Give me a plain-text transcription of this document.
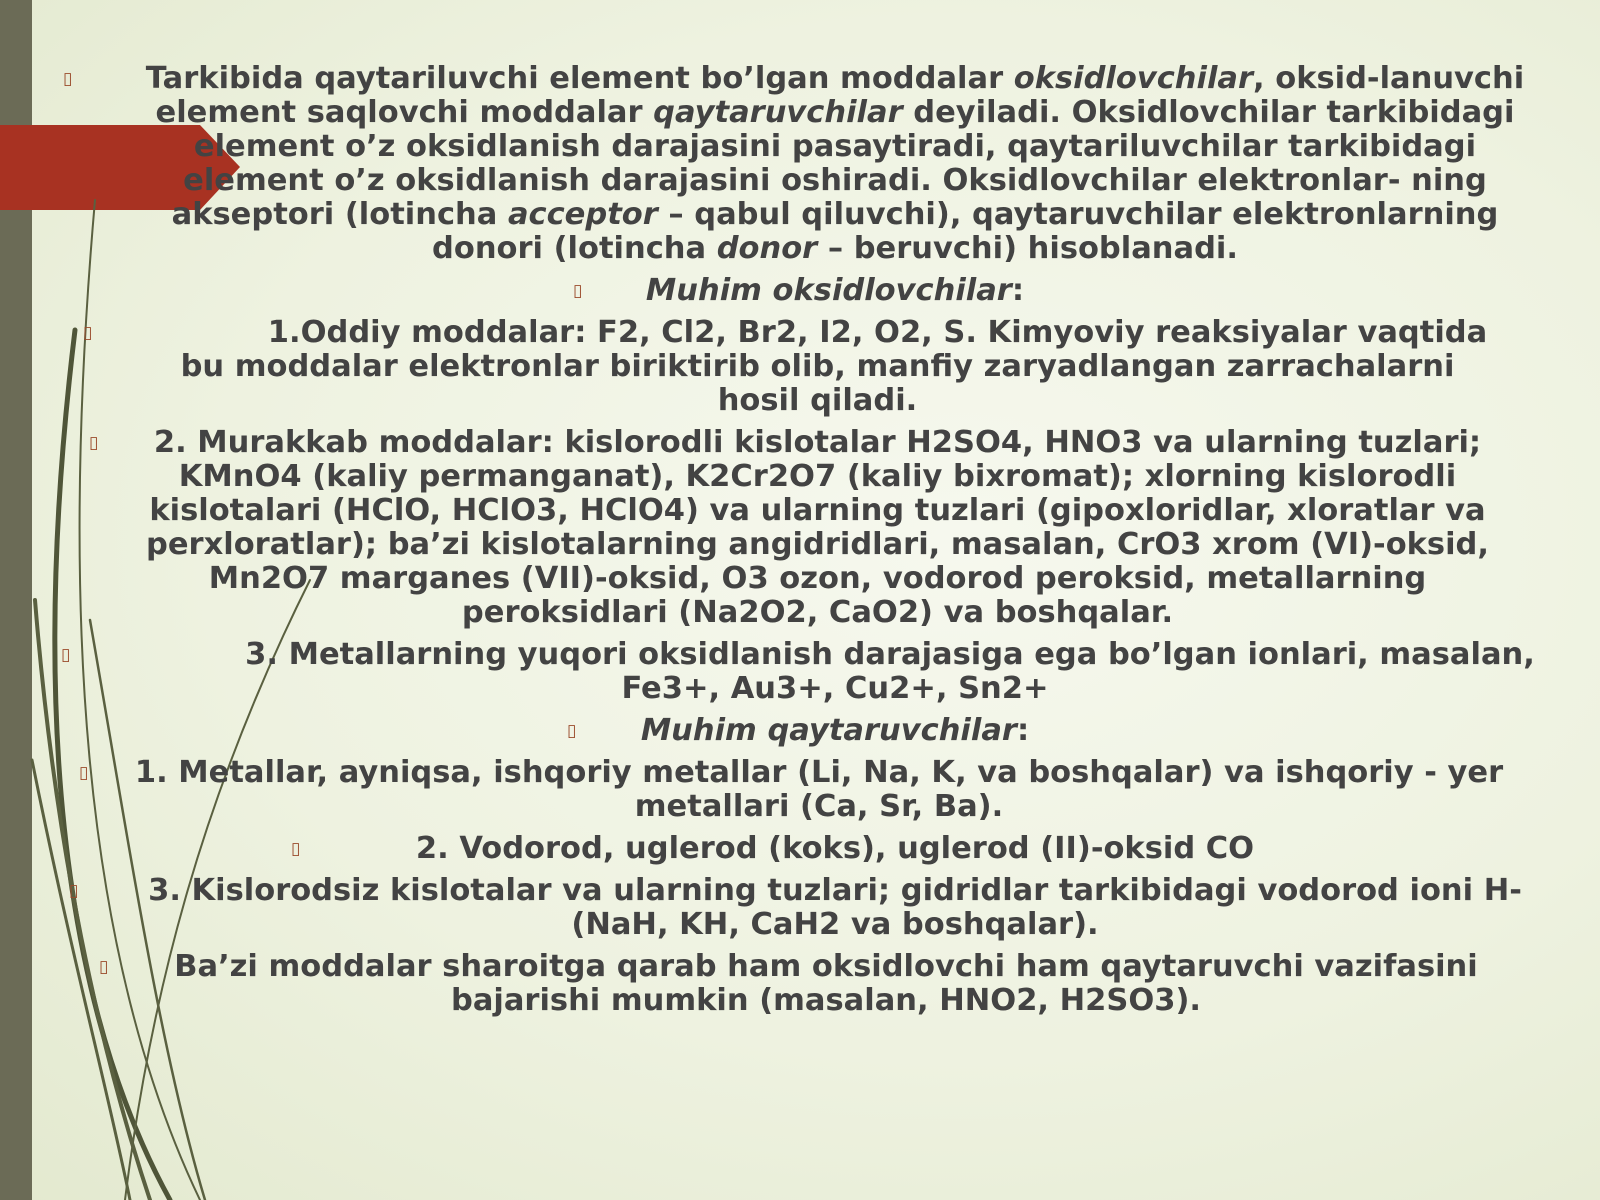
▯	Tarkibida qaytariluvchi element bo’lgan moddalar oksidlovchilar, oksid-lanuvchi element saqlovchi moddalar qaytaruvchilar deyiladi. Oksidlovchilar tarkibidagi element o’z oksidlanish darajasini pasaytiradi, qaytariluvchilar tarkibidagi element o’z oksidlanish darajasini oshiradi. Oksidlovchilar elektronlar- ning akseptori (lotincha acceptor – qabul qiluvchi), qaytaruvchilar elektronlarning donori (lotincha donor – beruvchi) hisoblanadi.
▯	Muhim oksidlovchilar:
▯	1.Oddiy moddalar: F2, Cl2, Br2, I2, O2, S. Kimyoviy reaksiyalar vaqtida bu moddalar elektronlar biriktirib olib, manfiy zaryadlangan zarrachalarni hosil qiladi.
▯	2. Murakkab moddalar: kislorodli kislotalar H2SO4, HNO3 va ularning tuzlari; KMnO4 (kaliy permanganat), K2Cr2O7 (kaliy bixromat); xlorning kislorodli kislotalari (HClO, HClO3, HClO4) va ularning tuzlari (gipoxloridlar, xloratlar va perxloratlar); ba’zi kislotalarning angidridlari, masalan, CrO3 xrom (VI)-oksid, Mn2O7 marganes (VII)-oksid, O3 ozon, vodorod peroksid, metallarning peroksidlari (Na2O2, CaO2) va boshqalar.
▯	3. Metallarning yuqori oksidlanish darajasiga ega bo’lgan ionlari, masalan, Fe3+, Au3+, Cu2+, Sn2+
▯	Muhim qaytaruvchilar:
▯ 1. Metallar, ayniqsa, ishqoriy metallar (Li, Na, K, va boshqalar) va ishqoriy - yer metallari (Ca, Sr, Ba).
▯	2. Vodorod, uglerod (koks), uglerod (II)-oksid CO
▯	3. Kislorodsiz kislotalar va ularning tuzlari; gidridlar tarkibidagi vodorod ioni H- (NaH, KH, CaH2 va boshqalar).
▯	Ba’zi moddalar sharoitga qarab ham oksidlovchi ham qaytaruvchi vazifasini bajarishi mumkin (masalan, HNO2, H2SO3).
